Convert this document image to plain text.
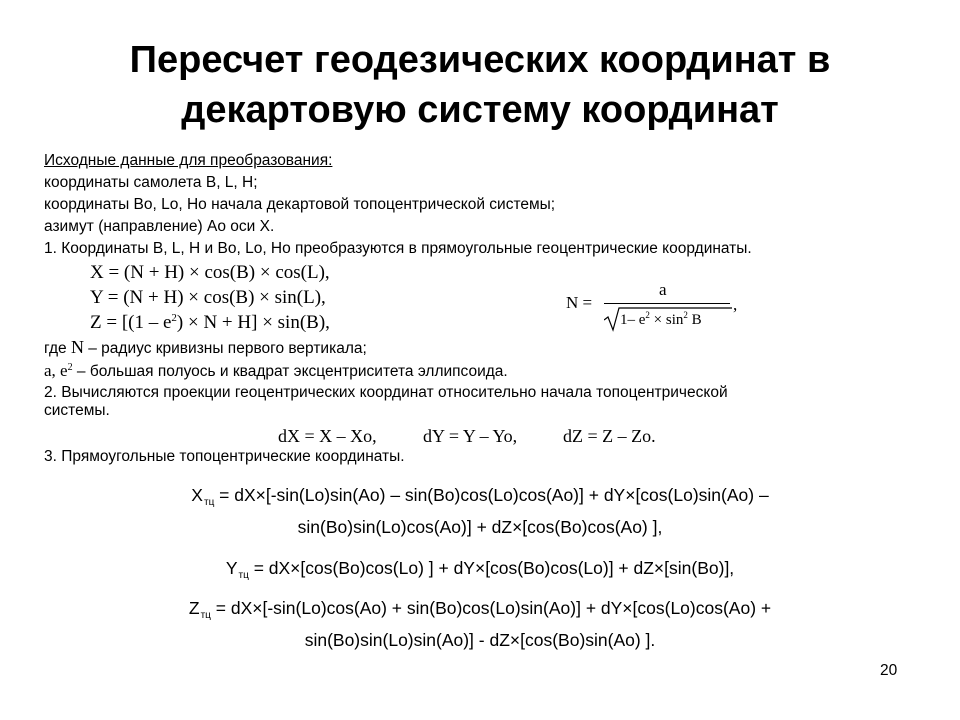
Пересчет геодезических координат в
декартовую систему координат
Исходные данные для преобразования:
координаты самолета B, L, H;
координаты Bo, Lo, Ho начала декартовой топоцентрической системы;
азимут (направление) Ao оси X.
1. Координаты B, L, H и Bo, Lo, Ho преобразуются в прямоугольные геоцентрические координаты.
X = (N + H) × cos(B) × cos(L),
Y = (N + H) × cos(B) × sin(L),
$Z = [(1 - e^2) \times N + H] \times \sin(B)$,
N =
a
1– $e^2 \times \sin^2 B$
,
где N – радиус кривизны первого вертикала;
a, $e^2$ – большая полуось и квадрат эксцентриситета эллипсоида.
2. Вычисляются проекции геоцентрических координат относительно начала топоцентрической
системы.
dX = X – Xo,	dY = Y – Yo,	dZ = Z – Zo.
3. Прямоугольные топоцентрические координаты.
$X_{тц} = dX\times[-\sin(Lo)\sin(Ao) - \sin(Bo)\cos(Lo)\cos(Ao)] + dY\times[\cos(Lo)\sin(Ao)$ –
sin(Bo)sin(Lo)cos(Ao)] + dZ×[cos(Bo)cos(Ao) ],
$Y_{тц} = dX\times[\cos(Bo)\cos(Lo)$ ] + dY×[cos(Bo)cos(Lo)] + dZ×[sin(Bo)],
$Z_{тц} = dX\times[-\sin(Lo)\cos(Ao) + \sin(Bo)\cos(Lo)\sin(Ao)] + dY\times[\cos(Lo)\cos(Ao)$ +
sin(Bo)sin(Lo)sin(Ao)] - dZ×[cos(Bo)sin(Ao) ].
20
